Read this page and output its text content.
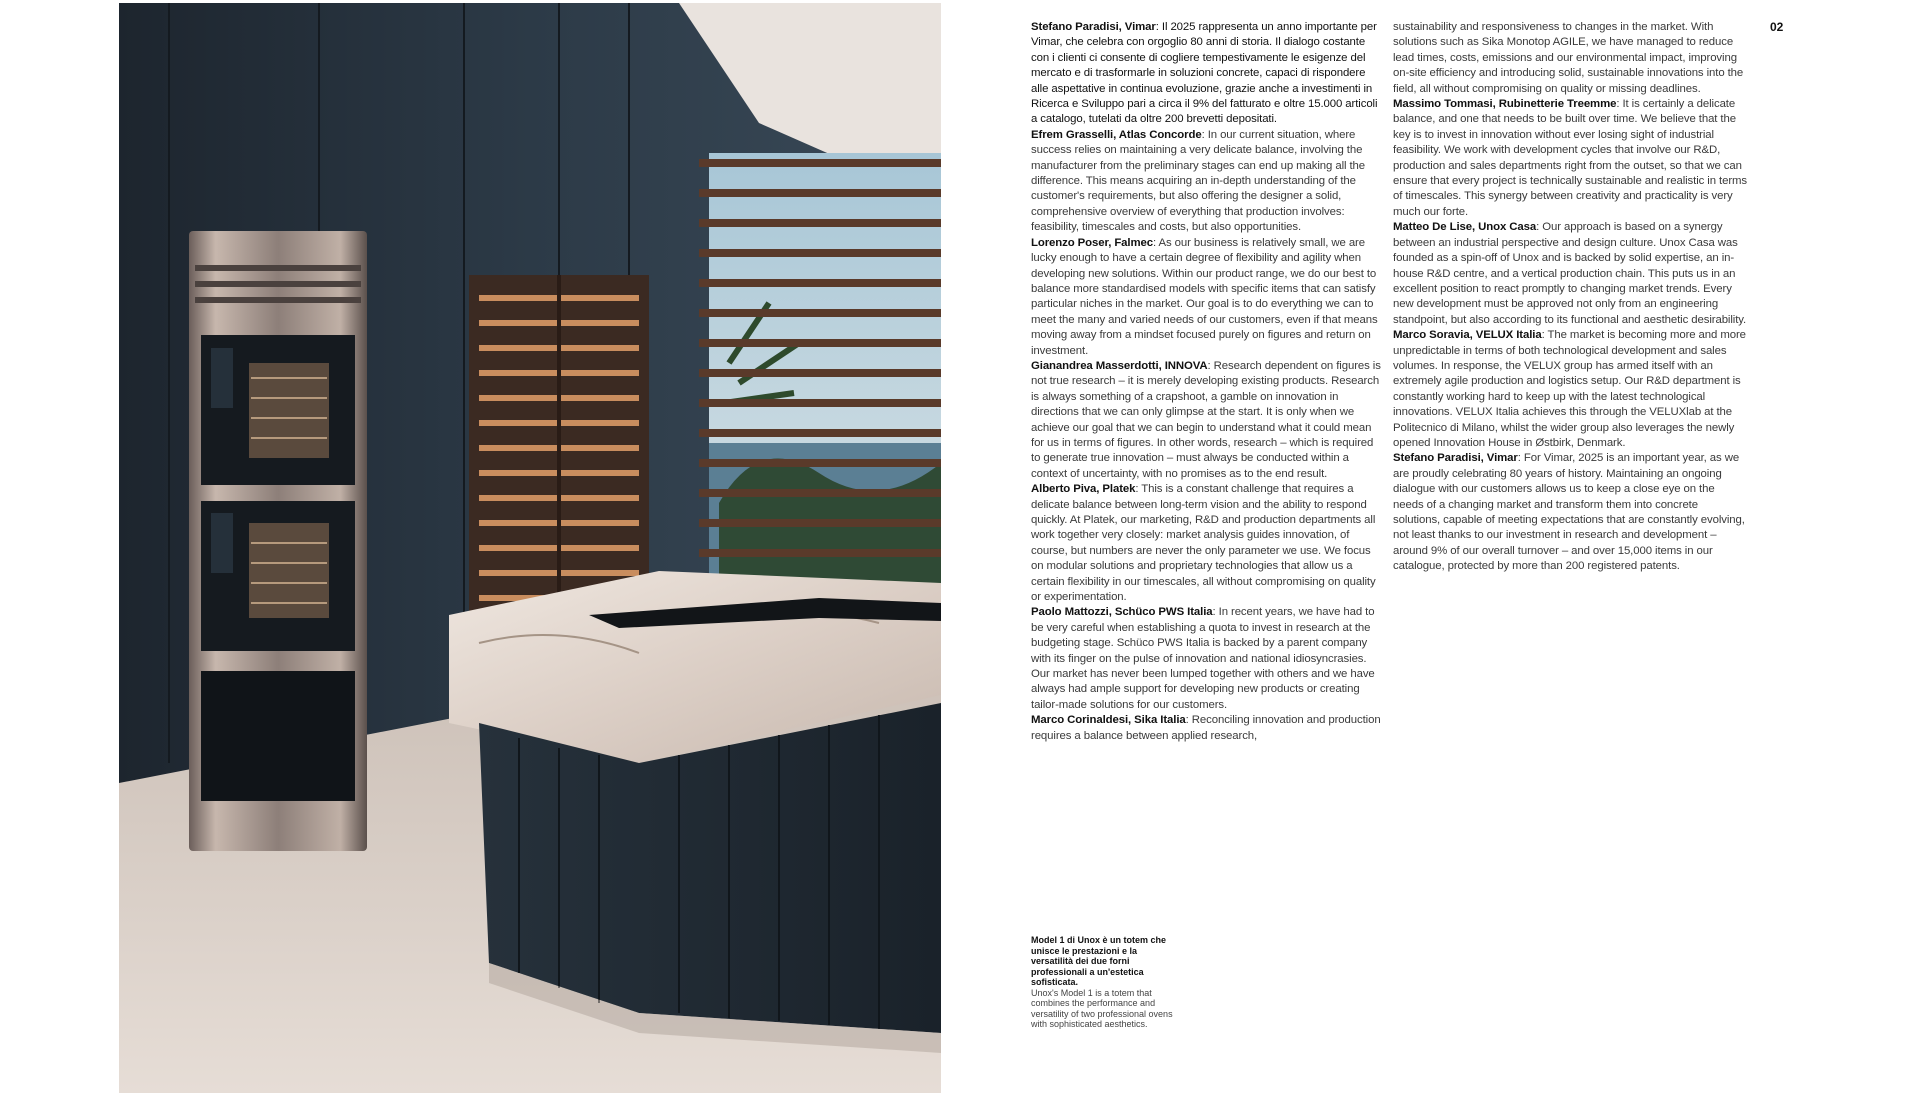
Stefano Paradisi, Vimar: Il 2025 rappresenta un anno importante per Vimar, che celebra con orgoglio 80 anni di storia. Il dialogo costante con i clienti ci consente di cogliere tempestivamente le esigenze del mercato e di trasformarle in soluzioni concrete, capaci di rispondere alle aspettative in continua evoluzione, grazie anche a investimenti in Ricerca e Sviluppo pari a circa il 9% del fatturato e oltre 15.000 articoli a catalogo, tutelati da oltre 200 brevetti depositati.

Efrem Grasselli, Atlas Concorde: In our current situation, where success relies on maintaining a very delicate balance, involving the manufacturer from the preliminary stages can end up making all the difference. This means acquiring an in-depth understanding of the customer's requirements, but also offering the designer a solid, comprehensive overview of everything that production involves: feasibility, timescales and costs, but also opportunities.

Lorenzo Poser, Falmec: As our business is relatively small, we are lucky enough to have a certain degree of flexibility and agility when developing new solutions. Within our product range, we do our best to balance more standardised models with specific items that can satisfy particular niches in the market. Our goal is to do everything we can to meet the many and varied needs of our customers, even if that means moving away from a mindset focused purely on figures and return on investment.

Gianandrea Masserdotti, INNOVA: Research dependent on figures is not true research – it is merely developing existing products. Research is always something of a crapshoot, a gamble on innovation in directions that we can only glimpse at the start. It is only when we achieve our goal that we can begin to understand what it could mean for us in terms of figures. In other words, research – which is required to generate true innovation – must always be conducted within a context of uncertainty, with no promises as to the end result.

Alberto Piva, Platek: This is a constant challenge that requires a delicate balance between long-term vision and the ability to respond quickly. At Platek, our marketing, R&D and production departments all work together very closely: market analysis guides innovation, of course, but numbers are never the only parameter we use. We focus on modular solutions and proprietary technologies that allow us a certain flexibility in our timescales, all without compromising on quality or experimentation.

Paolo Mattozzi, Schüco PWS Italia: In recent years, we have had to be very careful when establishing a quota to invest in research at the budgeting stage. Schüco PWS Italia is backed by a parent company with its finger on the pulse of innovation and national idiosyncrasies. Our market has never been lumped together with others and we have always had ample support for developing new products or creating tailor-made solutions for our customers.

Marco Corinaldesi, Sika Italia: Reconciling innovation and production requires a balance between applied research,

sustainability and responsiveness to changes in the market. With solutions such as Sika Monotop AGILE, we have managed to reduce lead times, costs, emissions and our environmental impact, improving on-site efficiency and introducing solid, sustainable innovations into the field, all without compromising on quality or missing deadlines.

Massimo Tommasi, Rubinetterie Treemme: It is certainly a delicate balance, and one that needs to be built over time. We believe that the key is to invest in innovation without ever losing sight of industrial feasibility. We work with development cycles that involve our R&D, production and sales departments right from the outset, so that we can ensure that every project is technically sustainable and realistic in terms of timescales. This synergy between creativity and practicality is very much our forte.

Matteo De Lise, Unox Casa: Our approach is based on a synergy between an industrial perspective and design culture. Unox Casa was founded as a spin-off of Unox and is backed by solid expertise, an in-house R&D centre, and a vertical production chain. This puts us in an excellent position to react promptly to changing market trends. Every new development must be approved not only from an engineering standpoint, but also according to its functional and aesthetic desirability.

Marco Soravia, VELUX Italia: The market is becoming more and more unpredictable in terms of both technological development and sales volumes. In response, the VELUX group has armed itself with an extremely agile production and logistics setup. Our R&D department is constantly working hard to keep up with the latest technological innovations. VELUX Italia achieves this through the VELUXlab at the Politecnico di Milano, whilst the wider group also leverages the newly opened Innovation House in Østbirk, Denmark.

Stefano Paradisi, Vimar: For Vimar, 2025 is an important year, as we are proudly celebrating 80 years of history. Maintaining an ongoing dialogue with our customers allows us to keep a close eye on the needs of a changing market and transform them into concrete solutions, capable of meeting expectations that are constantly evolving, not least thanks to our investment in research and development – around 9% of our overall turnover – and over 15,000 items in our catalogue, protected by more than 200 registered patents.

02
Model 1 di Unox è un totem che unisce le prestazioni e la versatilità dei due forni professionali a un'estetica sofisticata.
Unox's Model 1 is a totem that combines the performance and versatility of two professional ovens with sophisticated aesthetics.
